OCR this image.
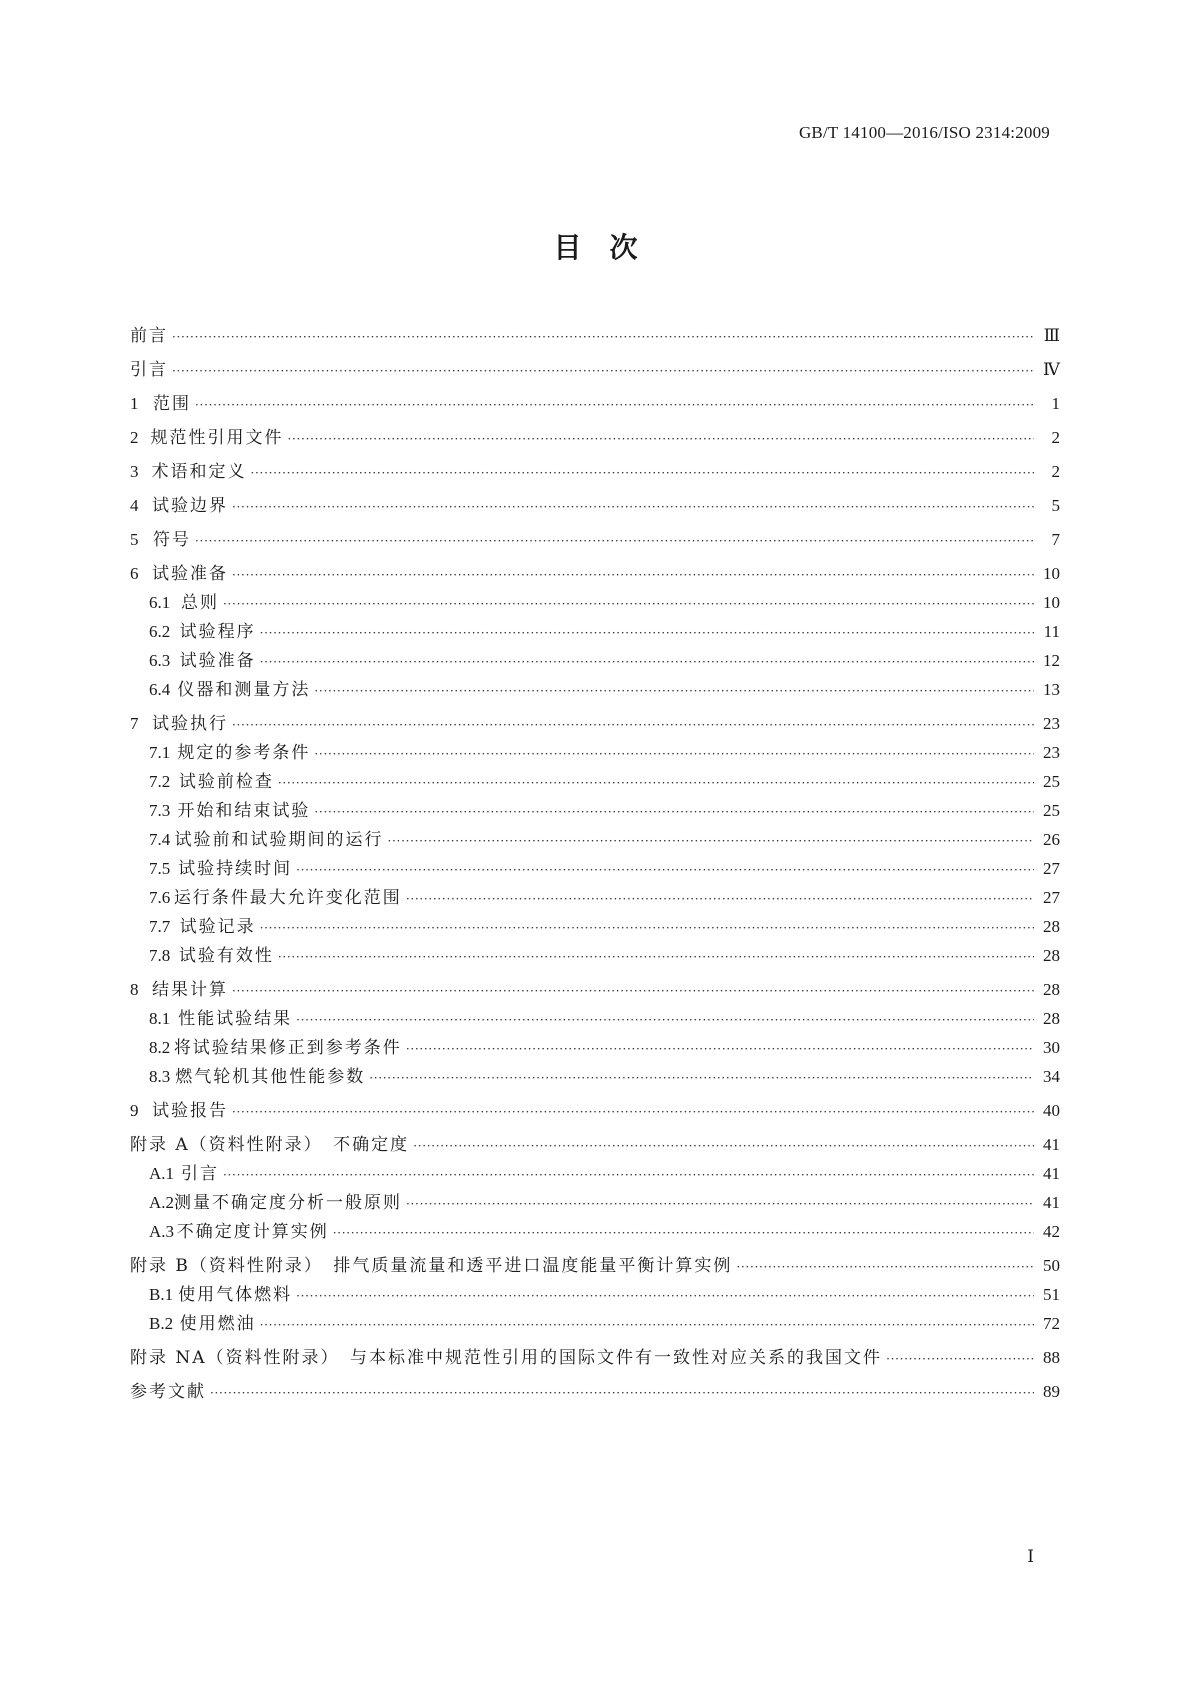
GB/T 14100—2016/ISO 2314:2009
目　次
前言 ·····	Ⅲ
引言 ·····	Ⅳ
1 范围 ·····	1
2 规范性引用文件 ·····	2
3 术语和定义 ·····	2
4 试验边界 ·····	5
5 符号 ·····	7
6 试验准备 ·····	10
6.1 总则 ·····	10
6.2 试验程序 ·····	11
6.3 试验准备 ·····	12
6.4 仪器和测量方法 ·····	13
7 试验执行 ·····	23
7.1 规定的参考条件 ·····	23
7.2 试验前检查 ·····	25
7.3 开始和结束试验 ·····	25
7.4 试验前和试验期间的运行 ·····	26
7.5 试验持续时间 ·····	27
7.6 运行条件最大允许变化范围 ·····	27
7.7 试验记录 ·····	28
7.8 试验有效性 ·····	28
8 结果计算 ·····	28
8.1 性能试验结果 ·····	28
8.2 将试验结果修正到参考条件 ·····	30
8.3 燃气轮机其他性能参数 ·····	34
9 试验报告 ·····	40
附录 A（资料性附录）　不确定度 ·····	41
A.1 引言 ·····	41
A.2 测量不确定度分析一般原则 ·····	41
A.3 不确定度计算实例 ·····	42
附录 B（资料性附录）　排气质量流量和透平进口温度能量平衡计算实例 ·····	50
B.1 使用气体燃料 ·····	51
B.2 使用燃油 ·····	72
附录 NA（资料性附录）　与本标准中规范性引用的国际文件有一致性对应关系的我国文件 ·····	88
参考文献 ·····	89
Ⅰ
